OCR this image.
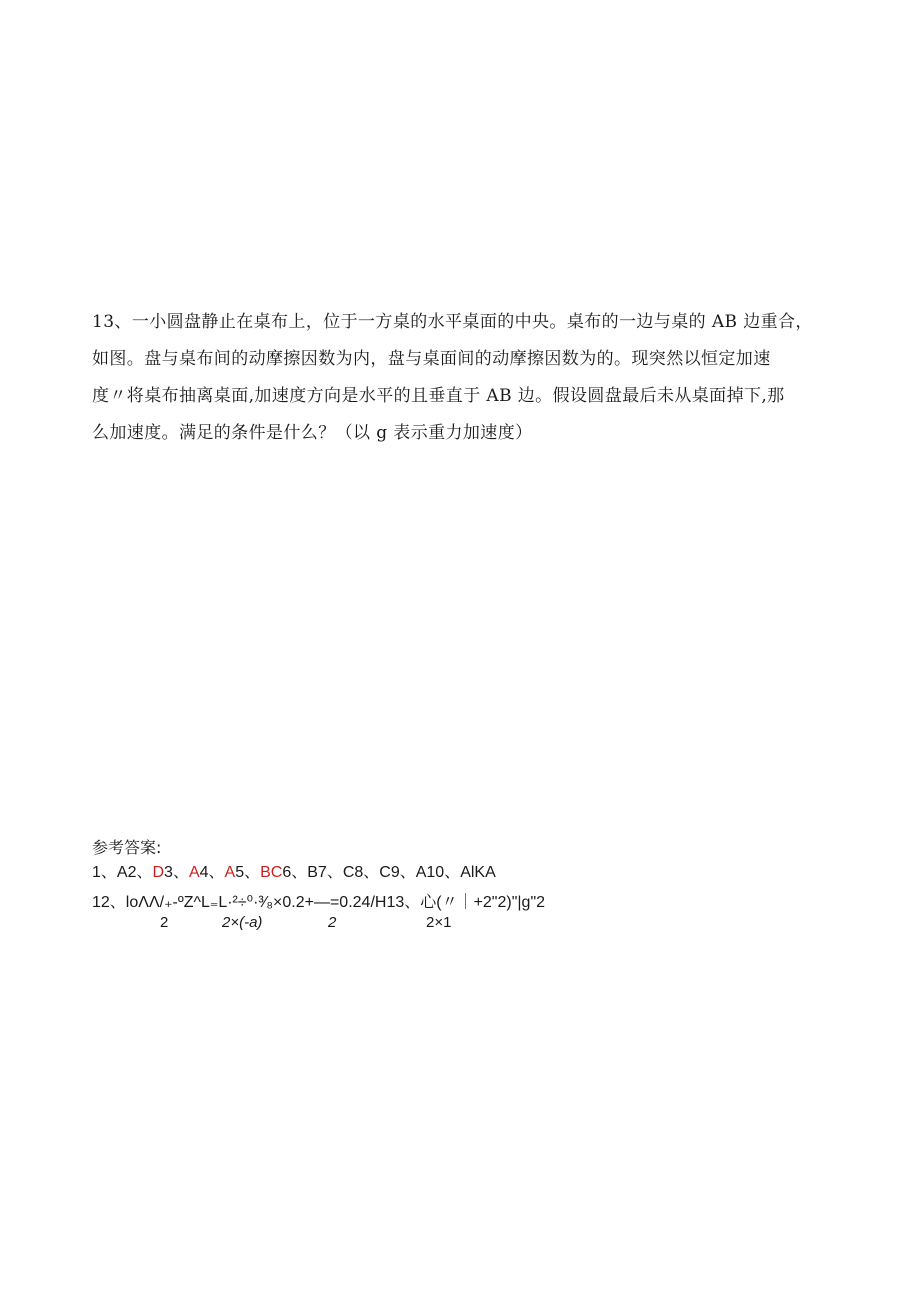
13、一小圆盘静止在桌布上，位于一方桌的水平桌面的中央。桌布的一边与桌的 AB 边重合，
如图。盘与桌布间的动摩擦因数为内，盘与桌面间的动摩擦因数为的。现突然以恒定加速
度〃将桌布抽离桌面,加速度方向是水平的且垂直于 AB 边。假设圆盘最后未从桌面掉下,那
么加速度。满足的条件是什么？（以 g 表示重力加速度）
参考答案:
1、A2、D3、A4、A5、BC6、B7、C8、C9、A10、AlKA
12、loΛΛ/₊-ºZ^L₌L·²÷⁰·³⁄₈×0.2+—=0.24/H13、心(〃｜+2"2)"|g"2
2	2×(-a)	2	2×1
